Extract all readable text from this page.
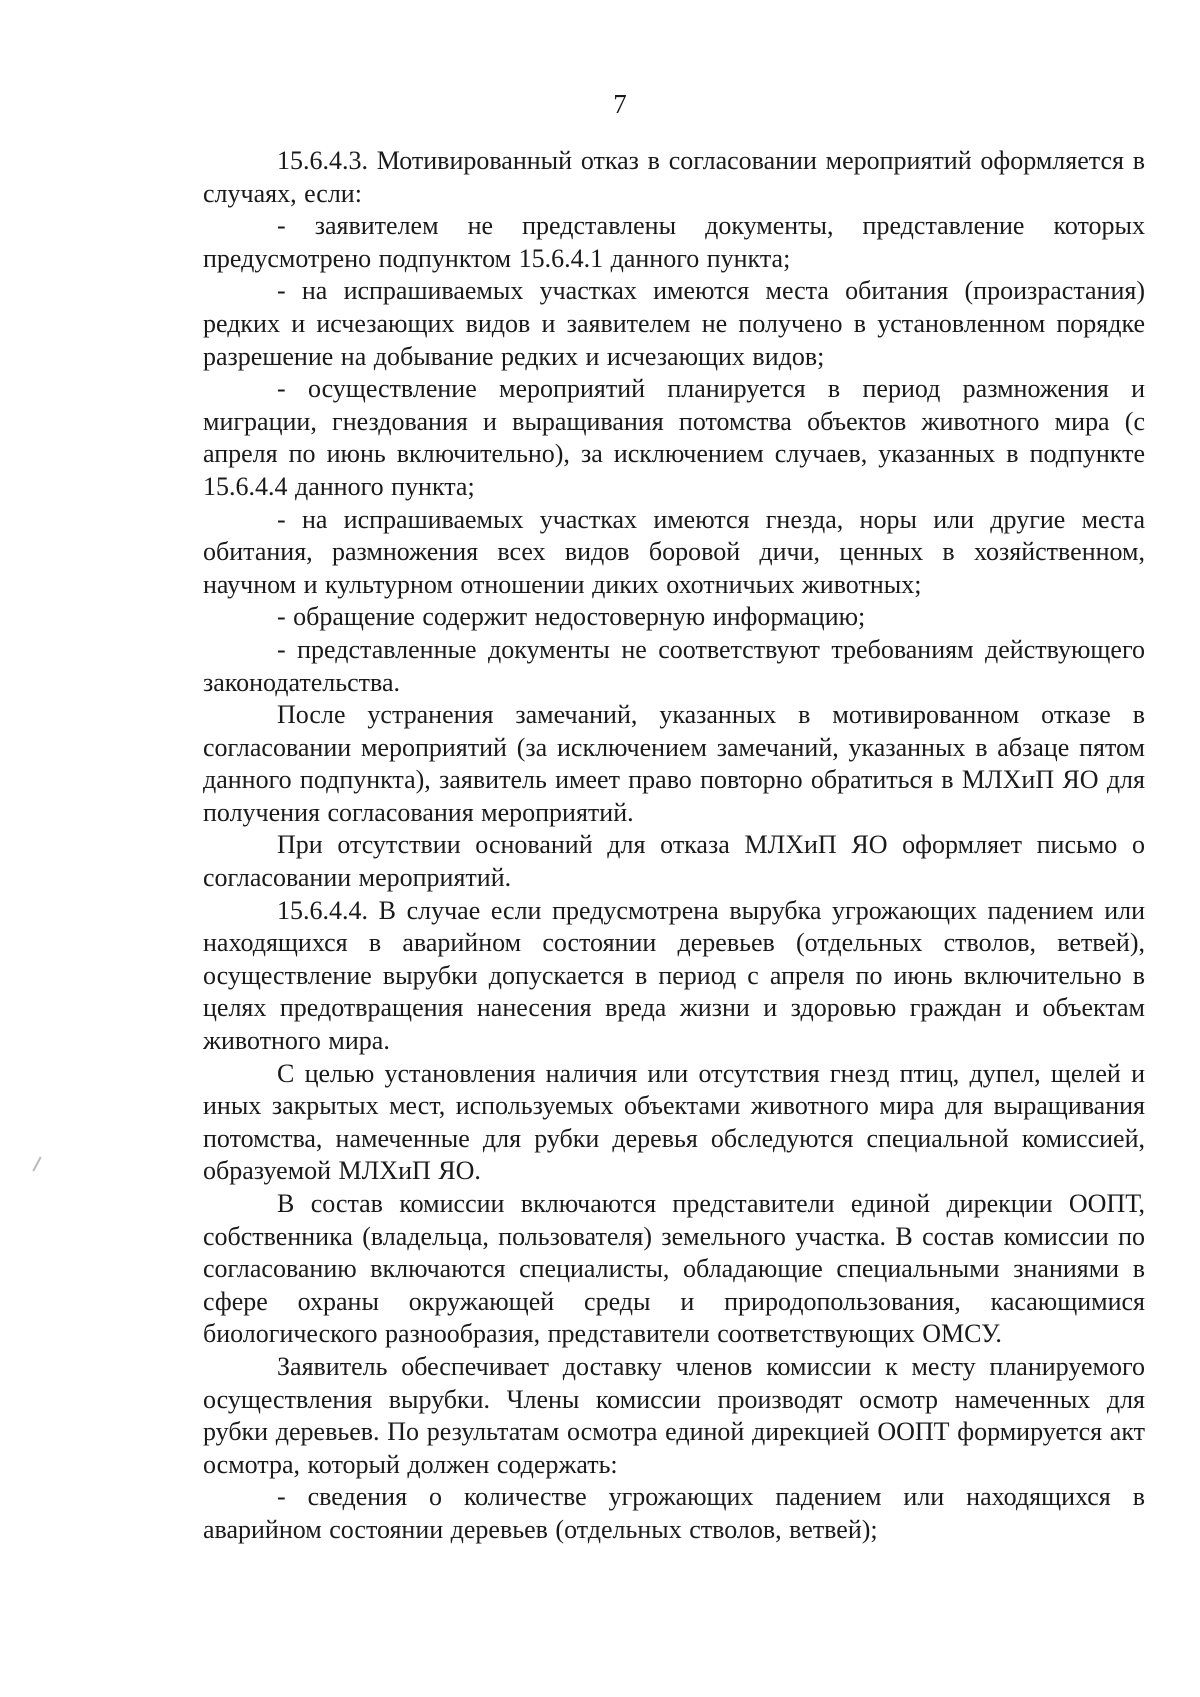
7

15.6.4.3. Мотивированный отказ в согласовании мероприятий оформляется в случаях, если:

- заявителем не представлены документы, представление которых предусмотрено подпунктом 15.6.4.1 данного пункта;

- на испрашиваемых участках имеются места обитания (произрастания) редких и исчезающих видов и заявителем не получено в установленном порядке разрешение на добывание редких и исчезающих видов;

- осуществление мероприятий планируется в период размножения и миграции, гнездования и выращивания потомства объектов животного мира (с апреля по июнь включительно), за исключением случаев, указанных в подпункте 15.6.4.4 данного пункта;

- на испрашиваемых участках имеются гнезда, норы или другие места обитания, размножения всех видов боровой дичи, ценных в хозяйственном, научном и культурном отношении диких охотничьих животных;

- обращение содержит недостоверную информацию;

- представленные документы не соответствуют требованиям действующего законодательства.

После устранения замечаний, указанных в мотивированном отказе в согласовании мероприятий (за исключением замечаний, указанных в абзаце пятом данного подпункта), заявитель имеет право повторно обратиться в МЛХиП ЯО для получения согласования мероприятий.

При отсутствии оснований для отказа МЛХиП ЯО оформляет письмо о согласовании мероприятий.

15.6.4.4. В случае если предусмотрена вырубка угрожающих падением или находящихся в аварийном состоянии деревьев (отдельных стволов, ветвей), осуществление вырубки допускается в период с апреля по июнь включительно в целях предотвращения нанесения вреда жизни и здоровью граждан и объектам животного мира.

С целью установления наличия или отсутствия гнезд птиц, дупел, щелей и иных закрытых мест, используемых объектами животного мира для выращивания потомства, намеченные для рубки деревья обследуются специальной комиссией, образуемой МЛХиП ЯО.

В состав комиссии включаются представители единой дирекции ООПТ, собственника (владельца, пользователя) земельного участка. В состав комиссии по согласованию включаются специалисты, обладающие специальными знаниями в сфере охраны окружающей среды и природопользования, касающимися биологического разнообразия, представители соответствующих ОМСУ.

Заявитель обеспечивает доставку членов комиссии к месту планируемого осуществления вырубки. Члены комиссии производят осмотр намеченных для рубки деревьев. По результатам осмотра единой дирекцией ООПТ формируется акт осмотра, который должен содержать:

- сведения о количестве угрожающих падением или находящихся в аварийном состоянии деревьев (отдельных стволов, ветвей);
